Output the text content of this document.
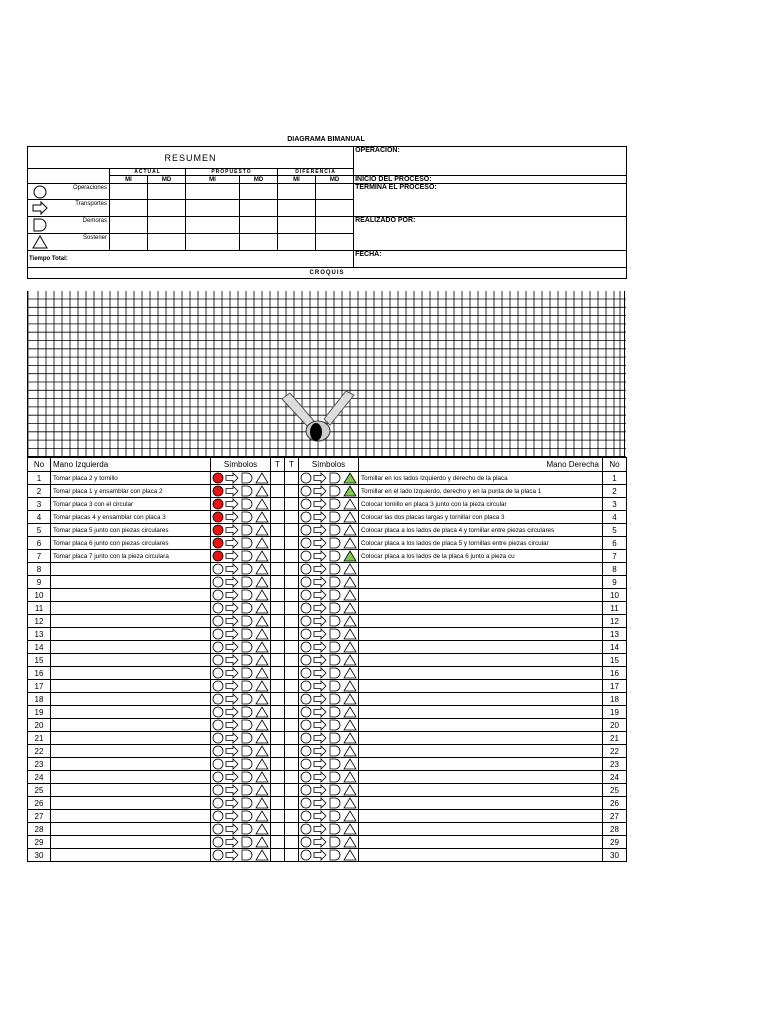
DIAGRAMA BIMANUAL
RESUMEN							OPERACIÓN:
	ACTUAL		PROPUESTO		DIFERENCIA		
	MI	MD	MI	MD	MI	MD	INICIO DEL PROCESO:

Operaciones							TERMINA EL PROCESO:

Transportes							

Demoras							REALIZADO POR:

Sostener							

Tiempo Total:							FECHA:
CROQUIS							
No	Mano Izquierda	Símbolos	T	T	Símbolos	Mano Derecha	No
1	Tomar placa 2 y tornillo					Tornillar en los lados Izquierdo y derecho de la placa	1
2	Tomar placa 1 y ensamblar con placa 2					Tornillar en el lado Izquierdo, derecho y en la punta de la placa 1	2
3	Tomar placa 3 con el circular					Colocar tornillo en placa 3 junto con la pieza circular	3
4	Tomar placas 4 y ensamblar con placa 3					Colocar las dos placas largas y tornillar con placa 3	4
5	Tomar placa 5 junto con piezas circulares					Colocar placa a los lados de placa 4 y tornillar entre piezas circulares	5
6	Tomar placa 6 junto con piezas circulares					Colocar placa a los lados de placa 5 y tornillas entre piezas circular	6
7	Tomar placa 7 junto con la pieza circulara					Colocar placa a los lados de la placa 6 junto a pieza cu	7
8							8
9							9
10							10
11							11
12							12
13							13
14							14
15							15
16							16
17							17
18							18
19							19
20							20
21							21
22							22
23							23
24							24
25							25
26							26
27							27
28							28
29							29
30							30
